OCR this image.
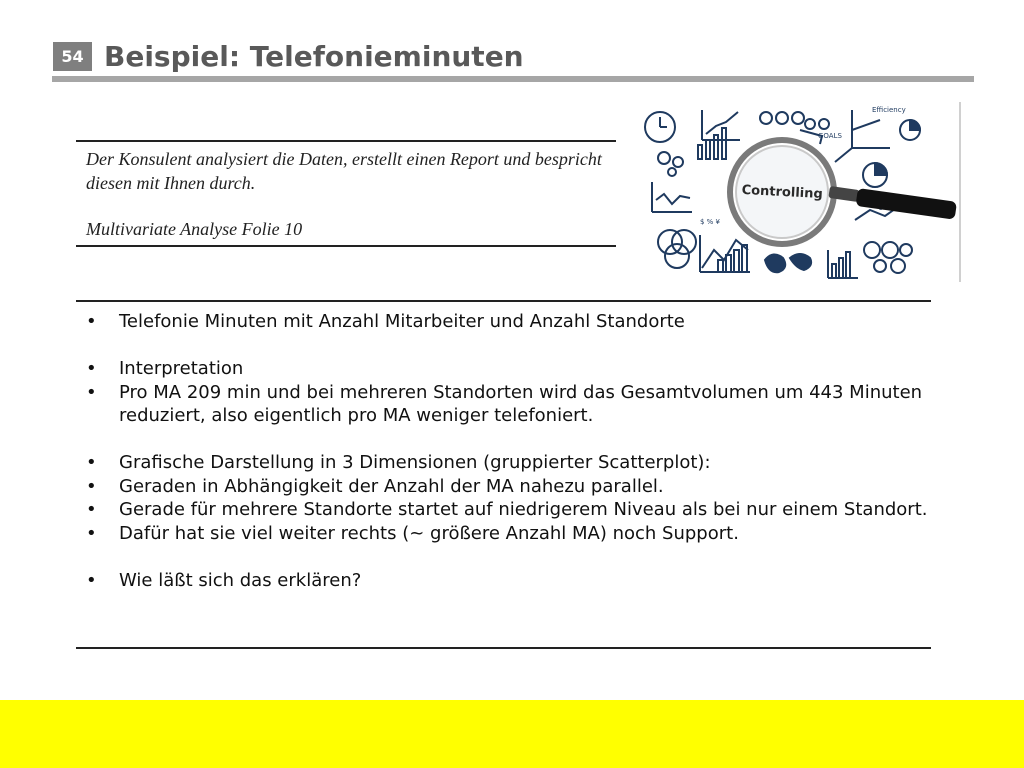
54 Beispiel: Telefonieminuten

Der Konsulent analysiert die Daten, erstellt einen Report und bespricht diesen mit Ihnen durch.

Multivariate Analyse Folie 10

Efficiency
GOALS
$ % ¥
Controlling
• Telefonie Minuten mit Anzahl Mitarbeiter und Anzahl Standorte
• Interpretation
• Pro MA 209 min und bei mehreren Standorten wird das Gesamtvolumen um 443 Minuten reduziert, also eigentlich pro MA weniger telefoniert.
• Grafische Darstellung in 3 Dimensionen (gruppierter Scatterplot):
• Geraden in Abhängigkeit der Anzahl der MA nahezu parallel.
• Gerade für mehrere Standorte startet auf niedrigerem Niveau als bei nur einem Standort.
• Dafür hat sie viel weiter rechts (~ größere Anzahl MA) noch Support.
• Wie läßt sich das erklären?
